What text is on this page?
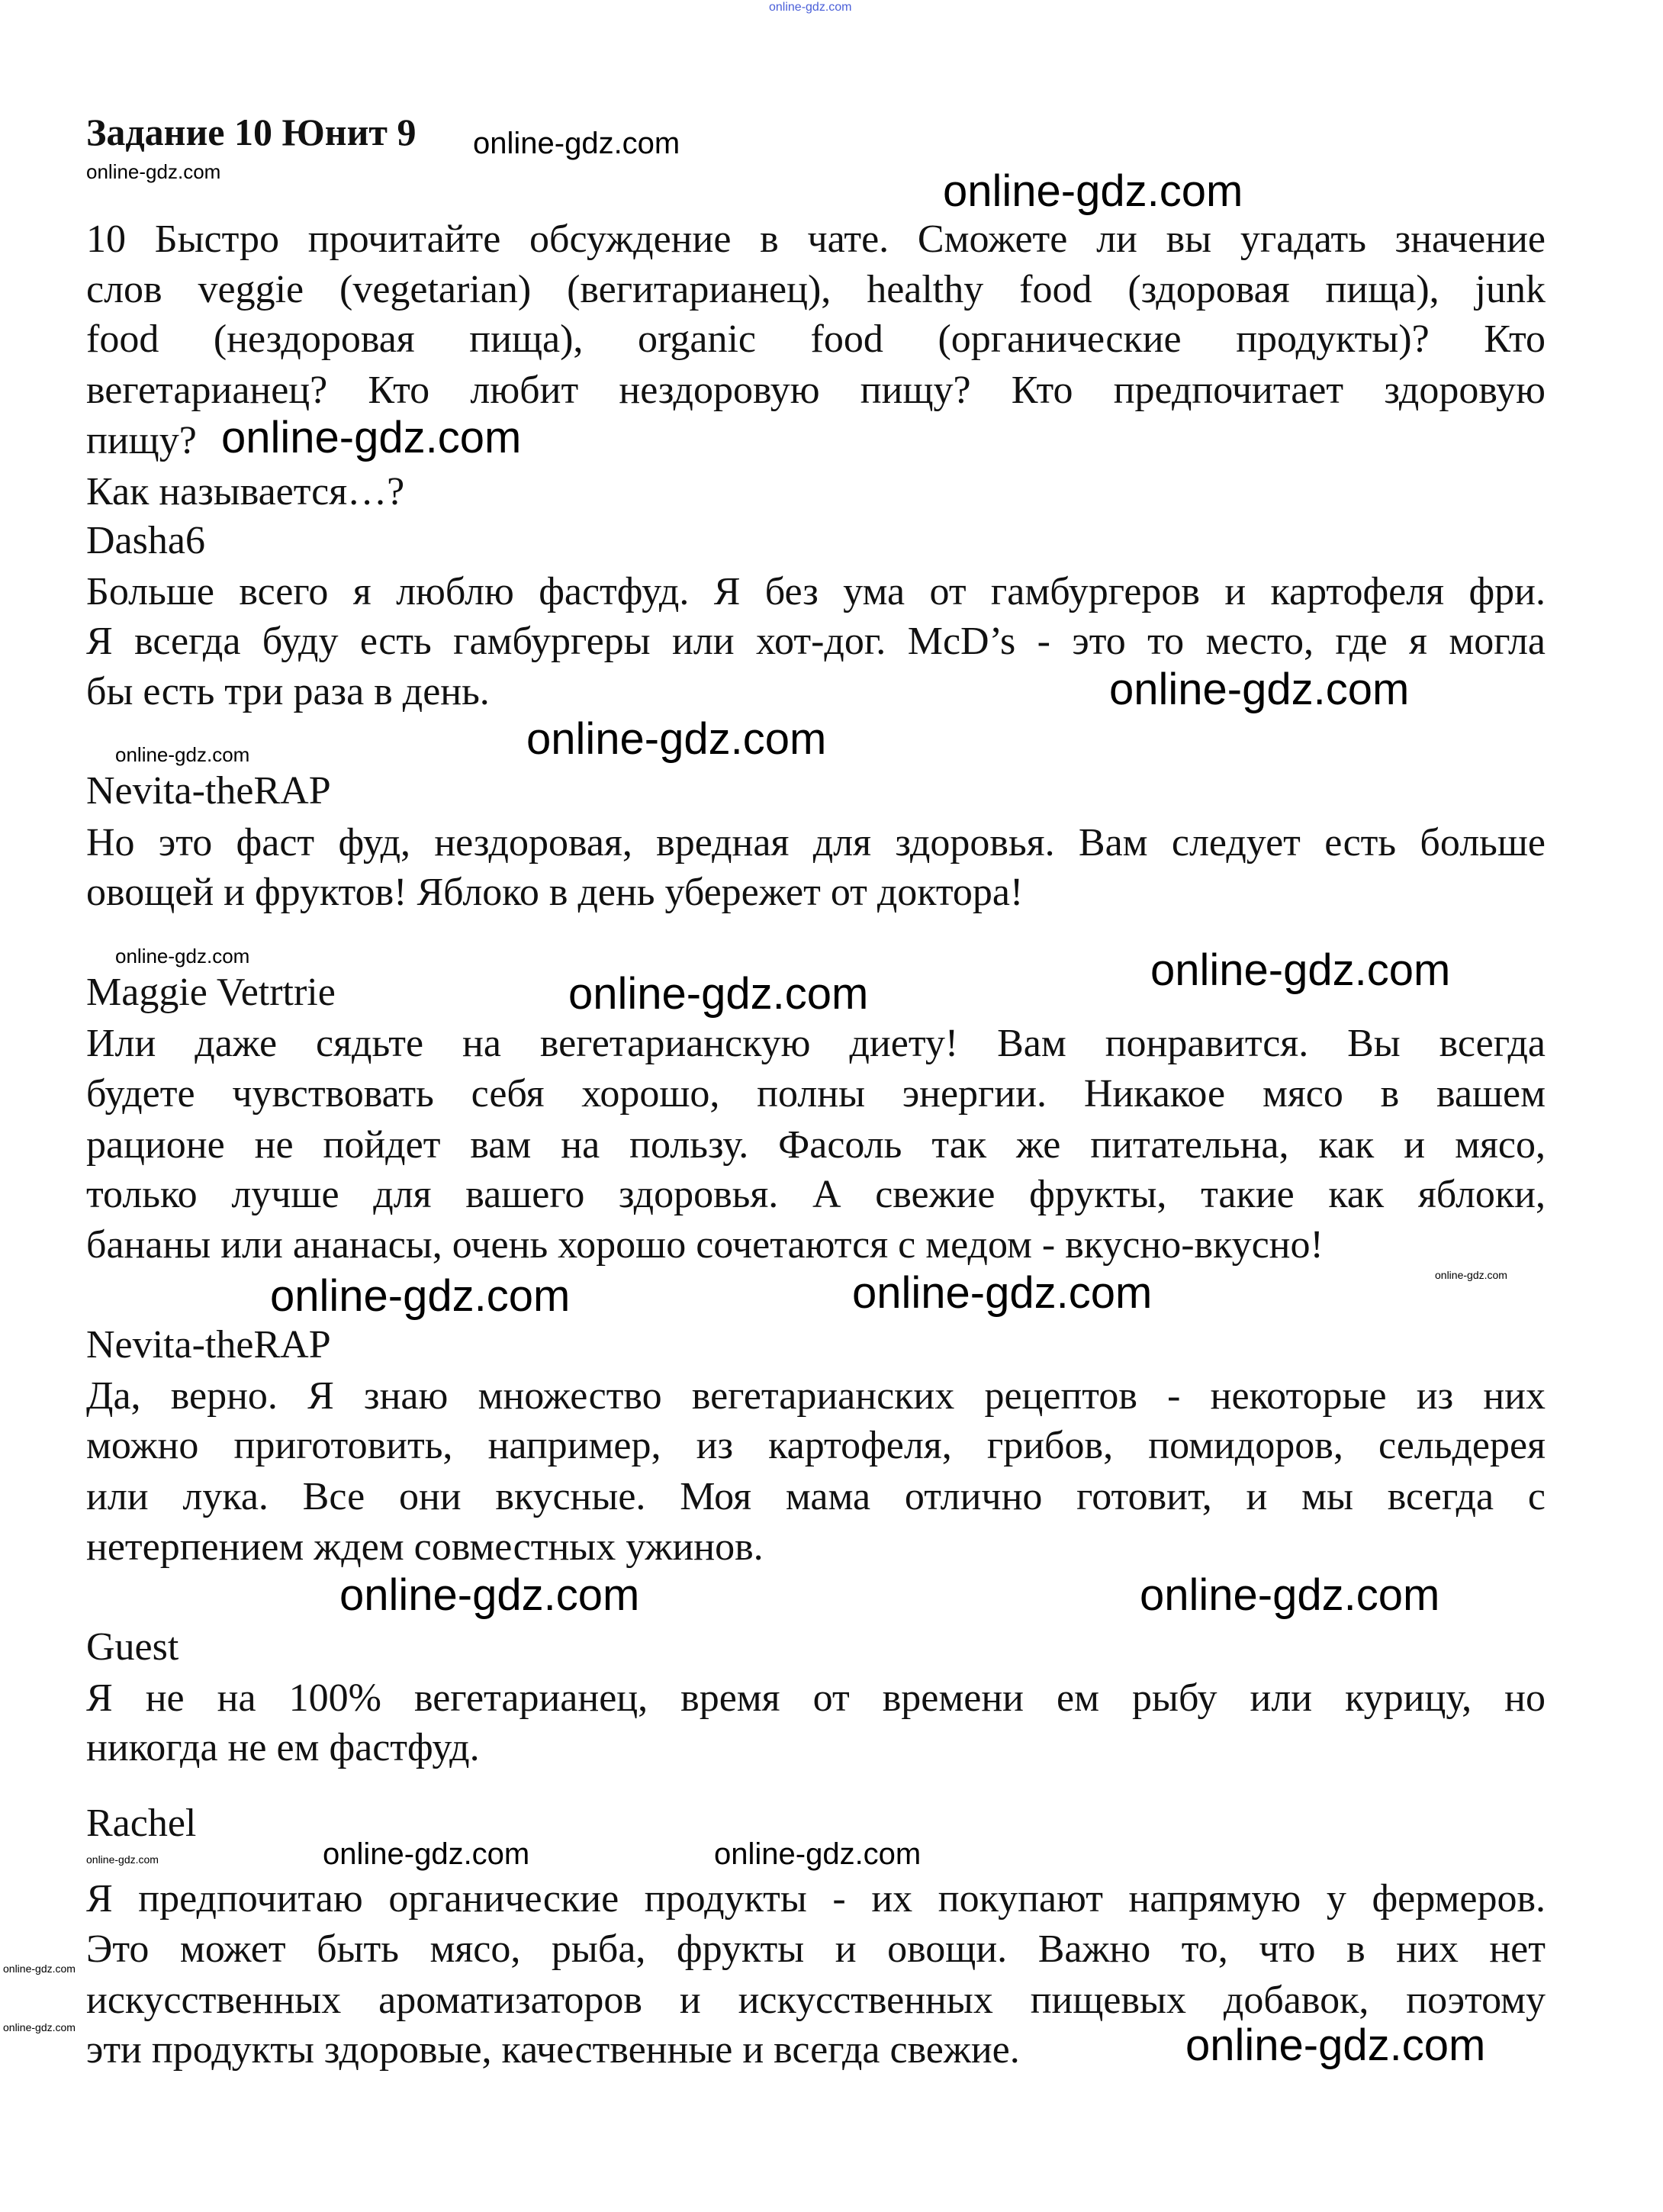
Задание 10 Юнит 9
10 Быстро прочитайте обсуждение в чате. Сможете ли вы угадать значение
слов veggie (vegetarian) (вегитарианец), healthy food (здоровая пища), junk
food (нездоровая пища), organic food (органические продукты)? Кто
вегетарианец? Кто любит нездоровую пищу? Кто предпочитает здоровую
пищу?
Как называется…?
Dasha6
Больше всего я люблю фастфуд. Я без ума от гамбургеров и картофеля фри.
Я всегда буду есть гамбургеры или хот-дог. McD’s - это то место, где я могла
бы есть три раза в день.
Nevita-theRAP
Но это фаст фуд, нездоровая, вредная для здоровья. Вам следует есть больше
овощей и фруктов! Яблоко в день убережет от доктора!
Maggie Vetrtrie
Или даже сядьте на вегетарианскую диету! Вам понравится. Вы всегда
будете чувствовать себя хорошо, полны энергии. Никакое мясо в вашем
рационе не пойдет вам на пользу. Фасоль так же питательна, как и мясо,
только лучше для вашего здоровья. А свежие фрукты, такие как яблоки,
бананы или ананасы, очень хорошо сочетаются с медом - вкусно-вкусно!
Nevita-theRAP
Да, верно. Я знаю множество вегетарианских рецептов - некоторые из них
можно приготовить, например, из картофеля, грибов, помидоров, сельдерея
или лука. Все они вкусные. Моя мама отлично готовит, и мы всегда с
нетерпением ждем совместных ужинов.
Guest
Я не на 100% вегетарианец, время от времени ем рыбу или курицу, но
никогда не ем фастфуд.
Rachel
Я предпочитаю органические продукты - их покупают напрямую у фермеров.
Это может быть мясо, рыба, фрукты и овощи. Важно то, что в них нет
искусственных ароматизаторов и искусственных пищевых добавок, поэтому
эти продукты здоровые, качественные и всегда свежие.
online-gdz.com
online-gdz.com
online-gdz.com
online-gdz.com
online-gdz.com
online-gdz.com
online-gdz.com
online-gdz.com
online-gdz.com	online-gdz.com
online-gdz.com
online-gdz.com
online-gdz.com	online-gdz.com
online-gdz.com	online-gdz.com
online-gdz.com	online-gdz.com
online-gdz.com
online-gdz.com
online-gdz.com	online-gdz.com
